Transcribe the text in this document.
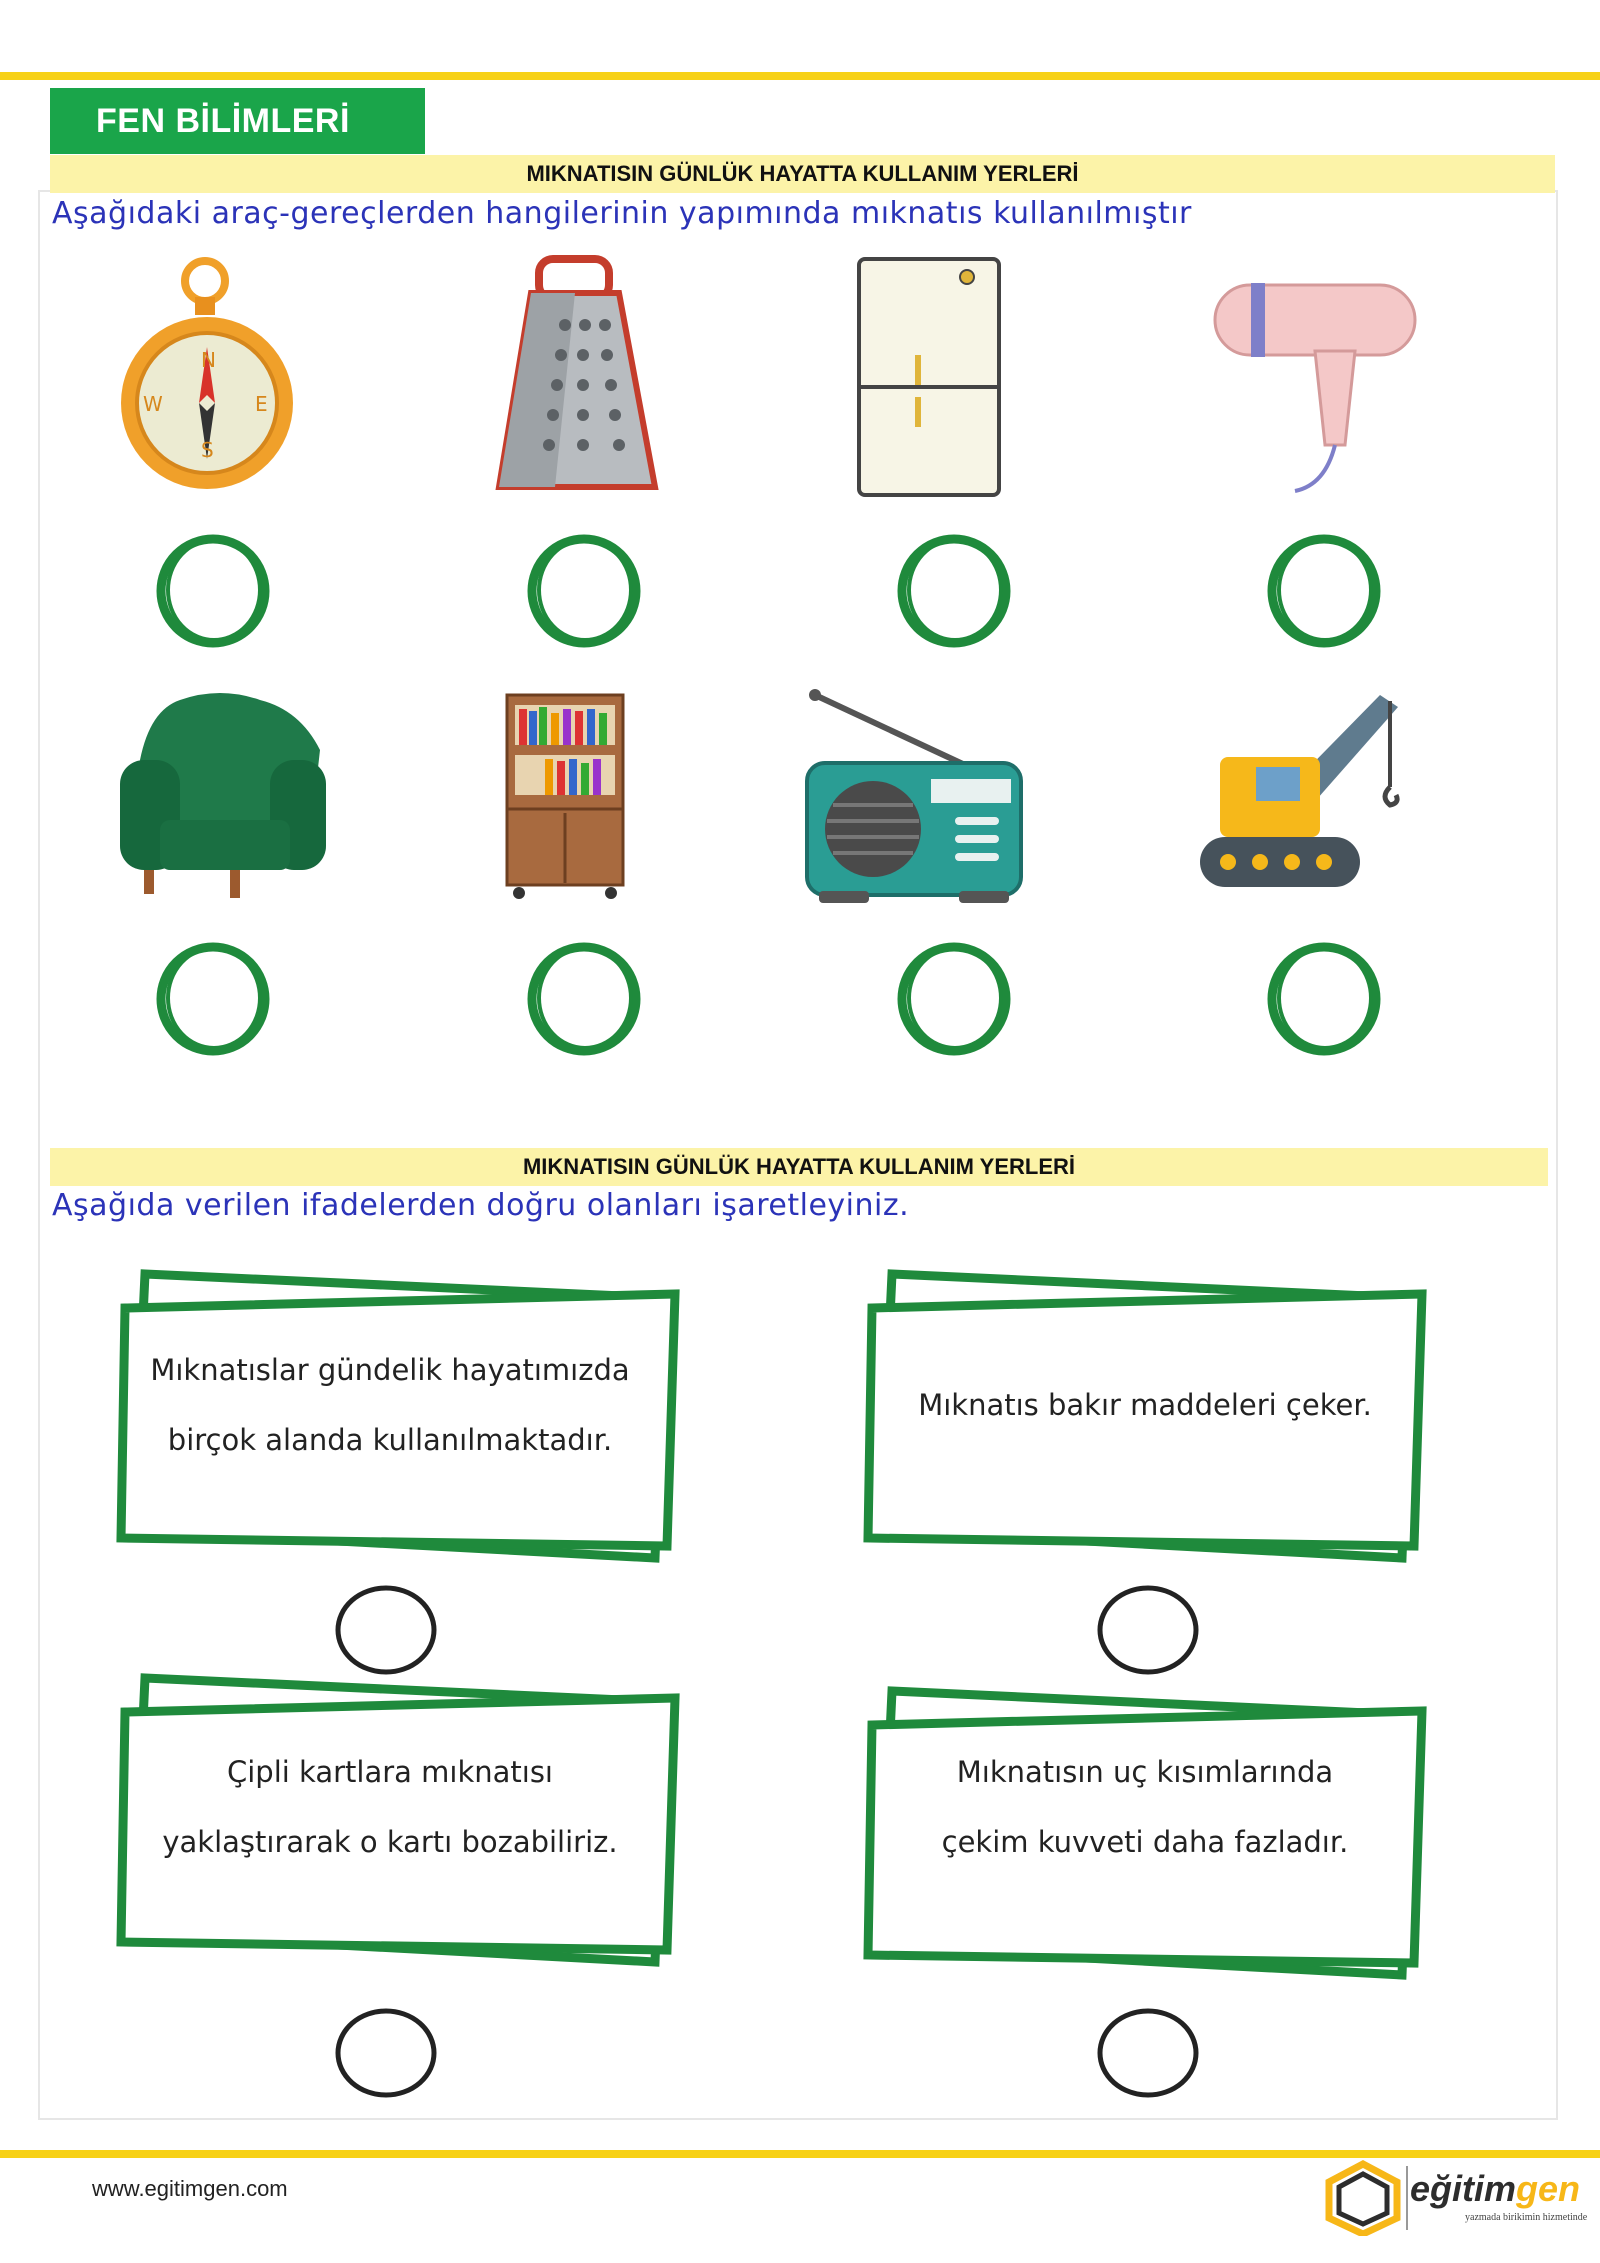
FEN BİLİMLERİ
MIKNATISIN GÜNLÜK HAYATTA KULLANIM YERLERİ
Aşağıdaki araç-gereçlerden hangilerinin yapımında mıknatıs kullanılmıştır
N
S
E
W
MIKNATISIN GÜNLÜK HAYATTA KULLANIM YERLERİ
Aşağıda verilen ifadelerden doğru olanları işaretleyiniz.
Mıknatıslar gündelik hayatımızda
birçok alanda kullanılmaktadır.
Mıknatıs bakır maddeleri çeker.
Çipli kartlara mıknatısı
yaklaştırarak o kartı bozabiliriz.
Mıknatısın uç kısımlarında
çekim kuvveti daha fazladır.
www.egitimgen.com	eğitimgen
yazmada birikimin hizmetinde
